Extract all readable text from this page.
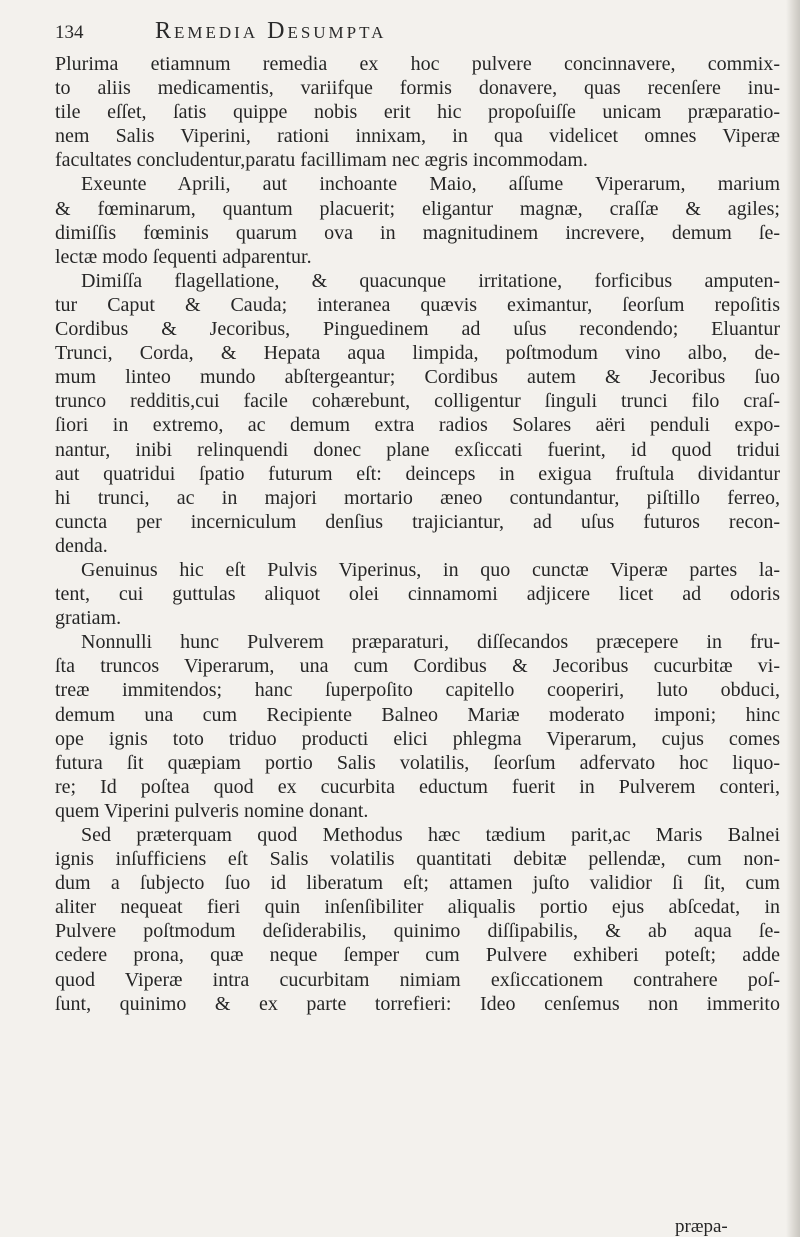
134	Remedia Desumpta
Plurima etiamnum remedia ex hoc pulvere concinnavere, commix-
to aliis medicamentis, variifque formis donavere, quas recenſere inu-
tile eſſet, ſatis quippe nobis erit hic propoſuiſſe unicam præparatio-
nem Salis Viperini, rationi innixam, in qua videlicet omnes Viperæ
facultates concludentur,paratu facillimam nec ægris incommodam.
Exeunte Aprili, aut inchoante Maio, aſſume Viperarum, marium
& fœminarum, quantum placuerit; eligantur magnæ, craſſæ & agiles;
dimiſſis fœminis quarum ova in magnitudinem increvere, demum ſe-
lectæ modo ſequenti adparentur.
Dimiſſa flagellatione, & quacunque irritatione, forficibus amputen-
tur Caput & Cauda; interanea quævis eximantur, ſeorſum repoſitis
Cordibus & Jecoribus, Pinguedinem ad uſus recondendo; Eluantur
Trunci, Corda, & Hepata aqua limpida, poſtmodum vino albo, de-
mum linteo mundo abſtergeantur; Cordibus autem & Jecoribus ſuo
trunco redditis,cui facile cohærebunt, colligentur ſinguli trunci filo craſ-
ſiori in extremo, ac demum extra radios Solares aëri penduli expo-
nantur, inibi relinquendi donec plane exſiccati fuerint, id quod tridui
aut quatridui ſpatio futurum eſt: deinceps in exigua fruſtula dividantur
hi trunci, ac in majori mortario æneo contundantur, piſtillo ferreo,
cuncta per incerniculum denſius trajiciantur, ad uſus futuros recon-
denda.
Genuinus hic eſt Pulvis Viperinus, in quo cunctæ Viperæ partes la-
tent, cui guttulas aliquot olei cinnamomi adjicere licet ad odoris
gratiam.
Nonnulli hunc Pulverem præparaturi, diſſecandos præcepere in fru-
ſta truncos Viperarum, una cum Cordibus & Jecoribus cucurbitæ vi-
treæ immitendos; hanc ſuperpoſito capitello cooperiri, luto obduci,
demum una cum Recipiente Balneo Mariæ moderato imponi; hinc
ope ignis toto triduo producti elici phlegma Viperarum, cujus comes
futura ſit quæpiam portio Salis volatilis, ſeorſum adfervato hoc liquo-
re; Id poſtea quod ex cucurbita eductum fuerit in Pulverem conteri,
quem Viperini pulveris nomine donant.
Sed præterquam quod Methodus hæc tædium parit,ac Maris Balnei
ignis inſufficiens eſt Salis volatilis quantitati debitæ pellendæ, cum non-
dum a ſubjecto ſuo id liberatum eſt; attamen juſto validior ſi ſit, cum
aliter nequeat fieri quin inſenſibiliter aliqualis portio ejus abſcedat, in
Pulvere poſtmodum deſiderabilis, quinimo diſſipabilis, & ab aqua ſe-
cedere prona, quæ neque ſemper cum Pulvere exhiberi poteſt; adde
quod Viperæ intra cucurbitam nimiam exſiccationem contrahere poſ-
ſunt, quinimo & ex parte torrefieri: Ideo cenſemus non immerito
præpa-
